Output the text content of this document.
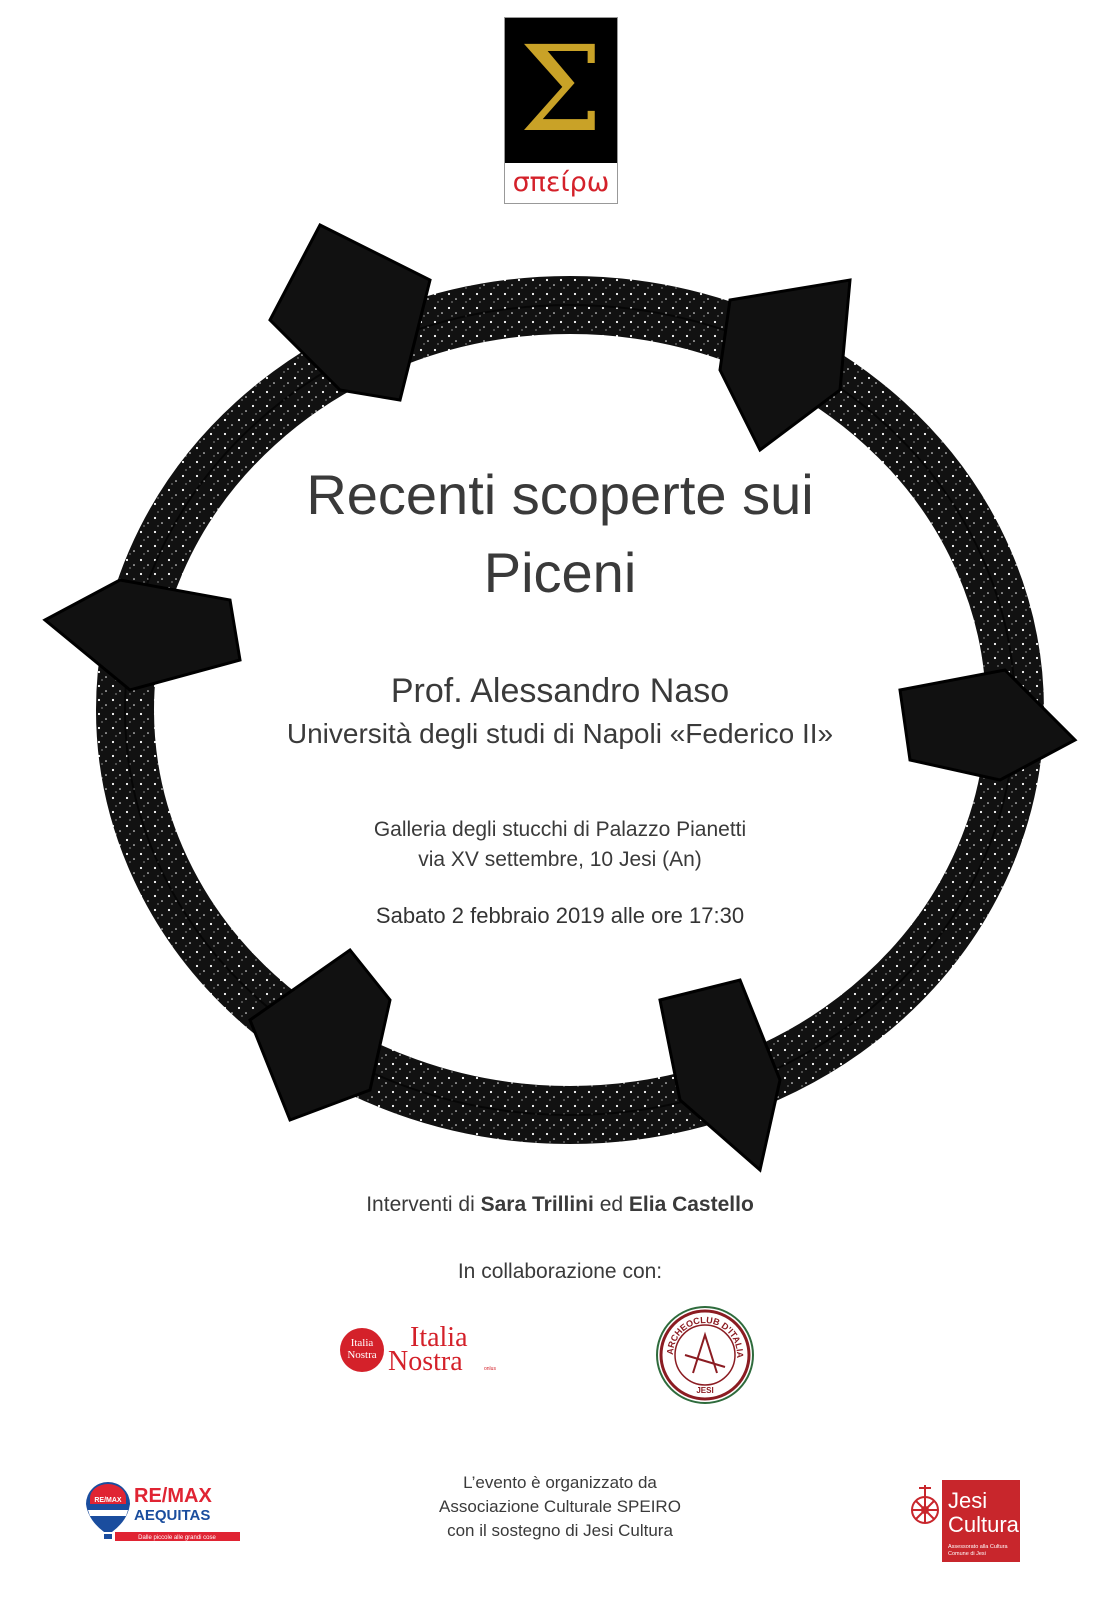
Σ
σπείρω
Recenti scoperte sui
Piceni
Prof. Alessandro Naso
Università degli studi di Napoli «Federico II»
Galleria degli stucchi di Palazzo Pianetti
via XV settembre, 10 Jesi (An)
Sabato 2 febbraio 2019 alle ore 17:30
Interventi di Sara Trillini ed Elia Castello
In collaborazione con:
Italia
Nostra
Italia
Nostra	onlus
ARCHEOCLUB D'ITALIA
JESI
RE/MAX RE/MAX
AEQUITAS
Dalle piccole alle grandi cose
L’evento è organizzato da
Associazione Culturale SPEIRO
con il sostegno di Jesi Cultura
Jesi
Cultura
Assessorato alla Cultura
Comune di Jesi
